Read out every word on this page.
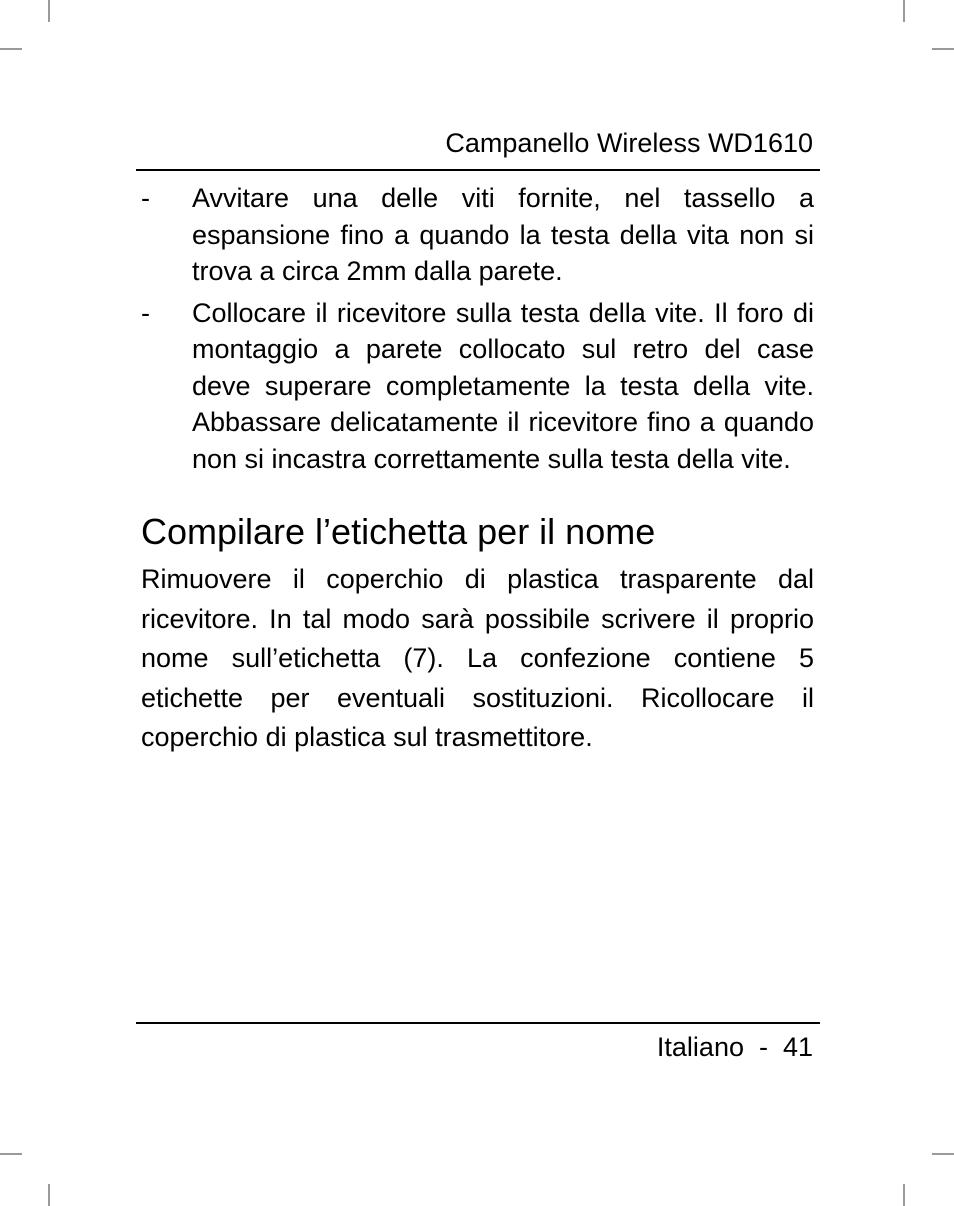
Campanello Wireless WD1610
-	Avvitare una delle viti fornite, nel tassello a espansione fino a quando la testa della vita non si trova a circa 2mm dalla parete.
-	Collocare il ricevitore sulla testa della vite. Il foro di montaggio a parete collocato sul retro del case deve superare completamente la testa della vite. Abbassare delicatamente il ricevitore fino a quando non si incastra correttamente sulla testa della vite.
Compilare l’etichetta per il nome

Rimuovere il coperchio di plastica trasparente dal ricevitore. In tal modo sarà possibile scrivere il proprio nome sull’etichetta (7). La confezione contiene 5 etichette per eventuali sostituzioni. Ricollocare il coperchio di plastica sul trasmettitore.

Italiano  -  41
